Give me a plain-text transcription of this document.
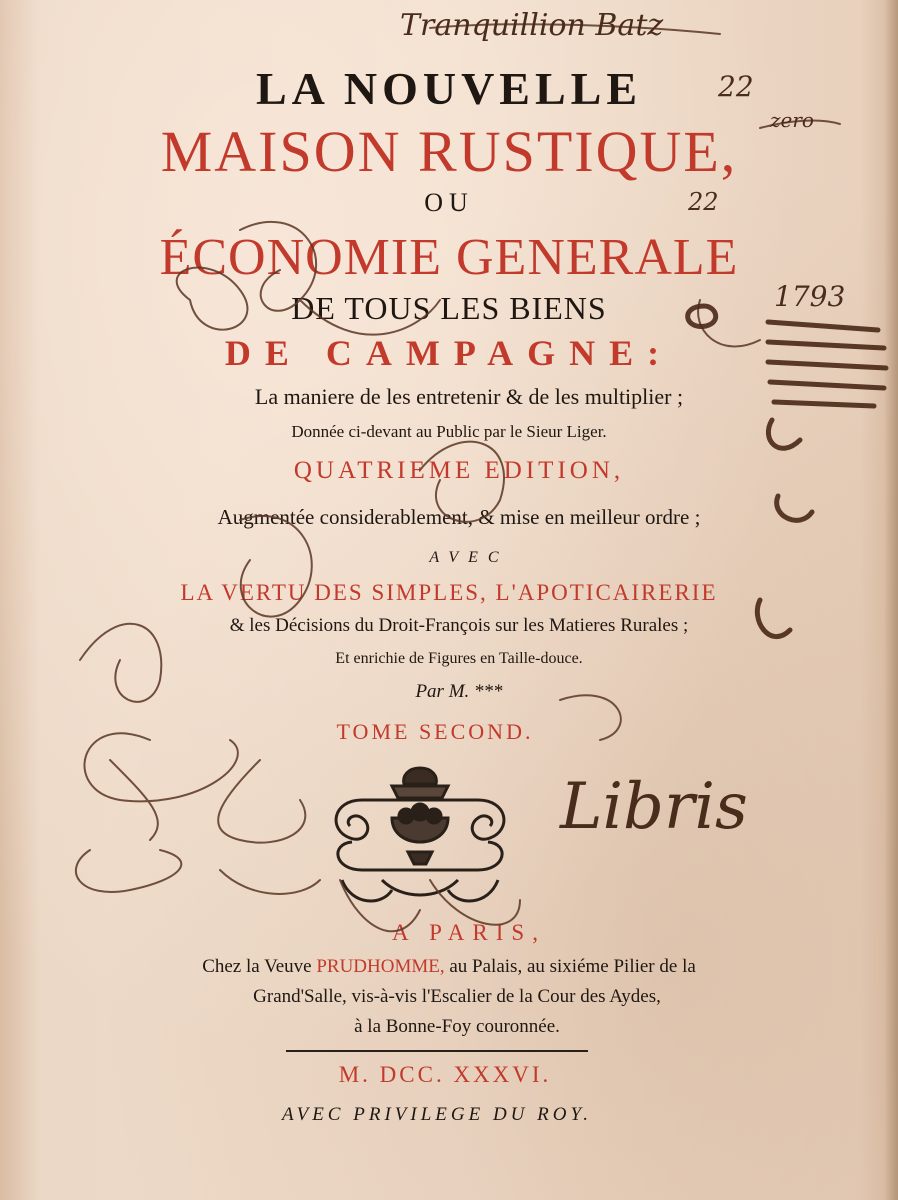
LA NOUVELLE
MAISON RUSTIQUE,
OU
ÉCONOMIE GENERALE
DE TOUS LES BIENS
DE CAMPAGNE:
La maniere de les entretenir & de les multiplier ;
Donnée ci-devant au Public par le Sieur Liger.
QUATRIEME EDITION,
Augmentée considerablement, & mise en meilleur ordre ;
AVEC
LA VERTU DES SIMPLES, L'APOTICAIRERIE
& les Décisions du Droit-François sur les Matieres Rurales ;
Et enrichie de Figures en Taille-douce.
Par M. ***
TOME SECOND.
A PARIS,
Chez la Veuve PRUDHOMME, au Palais, au sixiéme Pilier de la
Grand'Salle, vis-à-vis l'Escalier de la Cour des Aydes,
à la Bonne-Foy couronnée.
M. DCC. XXXVI.
AVEC PRIVILEGE DU ROY.
Tranquillion Batz
22
zero
22
1793
Libris
